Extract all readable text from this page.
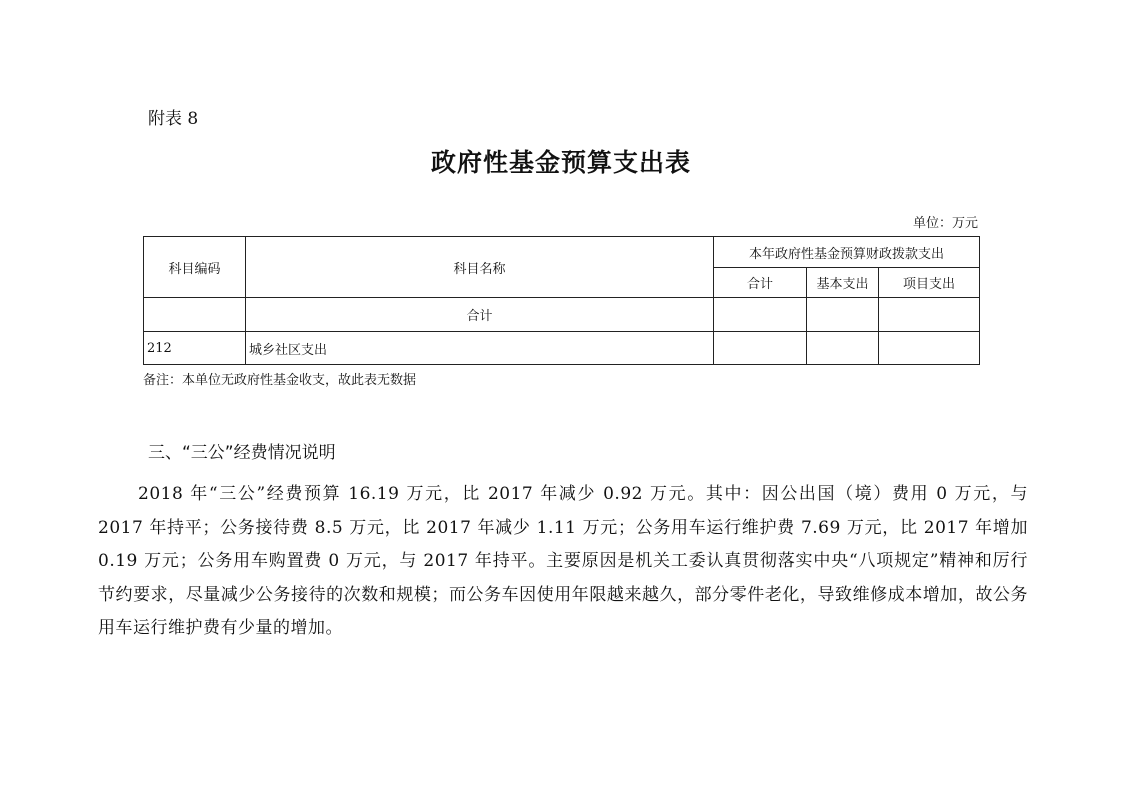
附表 8
政府性基金预算支出表
单位：万元
科目编码	科目名称	本年政府性基金预算财政拨款支出		
		合计	基本支出	项目支出
	合计			
212	城乡社区支出			
备注：本单位无政府性基金收支，故此表无数据
三、“三公”经费情况说明
2018 年“三公”经费预算 16.19 万元，比 2017 年减少 0.92 万元。其中：因公出国（境）费用 0 万元，与 2017 年持平；公务接待费 8.5 万元，比 2017 年减少 1.11 万元；公务用车运行维护费 7.69 万元，比 2017 年增加 0.19 万元；公务用车购置费 0 万元，与 2017 年持平。主要原因是机关工委认真贯彻落实中央“八项规定”精神和厉行节约要求，尽量减少公务接待的次数和规模；而公务车因使用年限越来越久，部分零件老化，导致维修成本增加，故公务用车运行维护费有少量的增加。
